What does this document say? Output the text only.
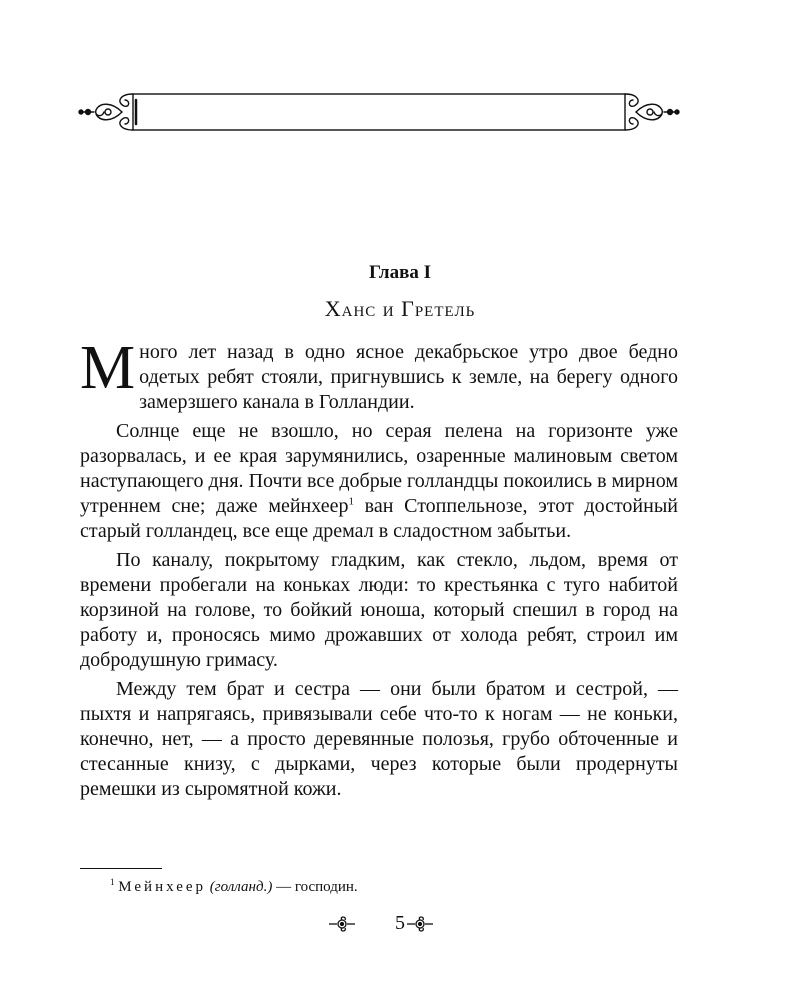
Глава I
Ханс и Гретель

Много лет назад в одно ясное декабрьское утро двое бедно одетых ребят стояли, пригнувшись к земле, на берегу одного замерзшего канала в Голландии.

Солнце еще не взошло, но серая пелена на горизонте уже разорвалась, и ее края зарумянились, озаренные малиновым светом наступающего дня. Почти все добрые голландцы покоились в мирном утреннем сне; даже мейнхеер$^1$ ван Стоппельнозе, этот достойный старый голландец, все еще дремал в сладостном забытьи.

По каналу, покрытому гладким, как стекло, льдом, время от времени пробегали на коньках люди: то крестьянка с туго набитой корзиной на голове, то бойкий юноша, который спешил в город на работу и, проносясь мимо дрожавших от холода ребят, строил им добродушную гримасу.

Между тем брат и сестра — они были братом и сестрой, — пыхтя и напрягаясь, привязывали себе что-то к ногам — не коньки, конечно, нет, — а просто деревянные полозья, грубо обточенные и стесанные книзу, с дырками, через которые были продернуты ремешки из сыромятной кожи.

$^1$ Мейнхеер (голланд.) — господин.
5
